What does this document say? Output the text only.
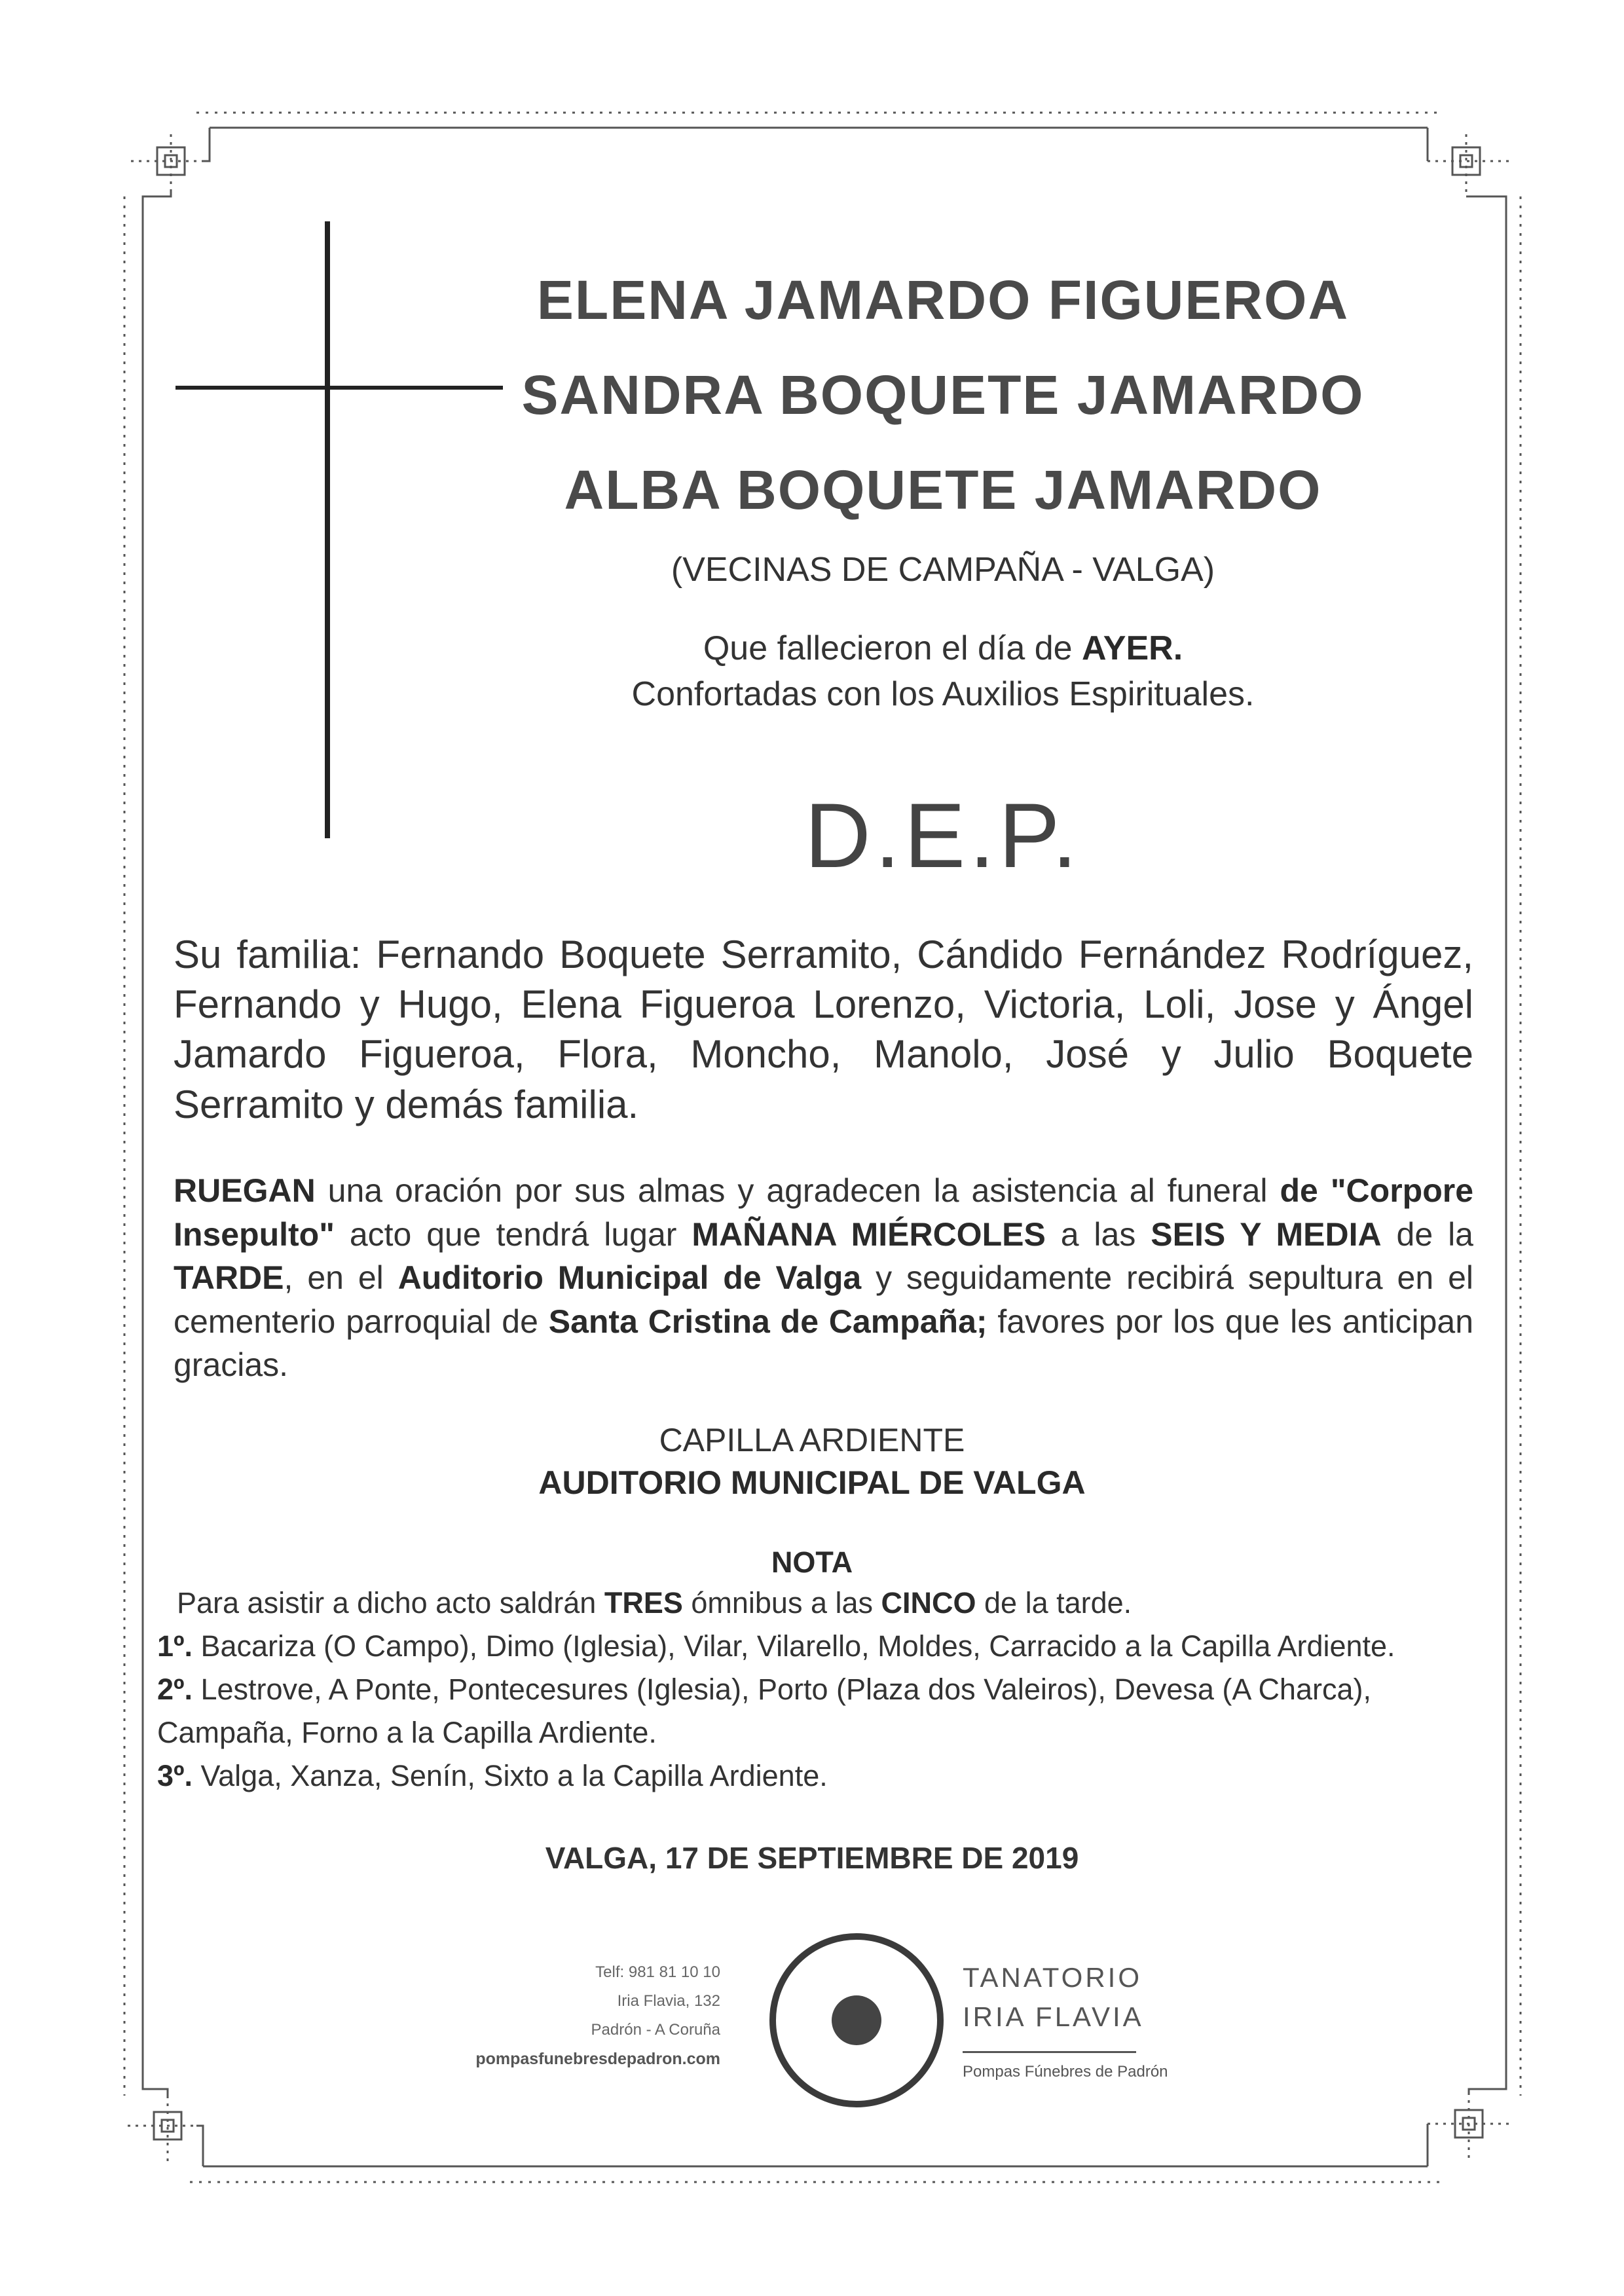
ELENA JAMARDO FIGUEROA
SANDRA BOQUETE JAMARDO
ALBA BOQUETE JAMARDO
(VECINAS DE CAMPAÑA - VALGA)
Que fallecieron el día de AYER.
Confortadas con los Auxilios Espirituales.
D.E.P.
Su familia: Fernando Boquete Serramito, Cándido Fernández Rodríguez, Fernando y Hugo, Elena Figueroa Lorenzo, Victoria, Loli, Jose y Ángel Jamardo Figueroa, Flora, Moncho, Manolo, José y Julio Boquete Serramito y demás familia.
RUEGAN una oración por sus almas y agradecen la asistencia al funeral de "Corpore Insepulto" acto que tendrá lugar MAÑANA MIÉRCOLES a las SEIS Y MEDIA de la TARDE, en el Auditorio Municipal de Valga y seguidamente recibirá sepultura en el cementerio parroquial de Santa Cristina de Campaña; favores por los que les anticipan gracias.
CAPILLA ARDIENTE
AUDITORIO MUNICIPAL DE VALGA
NOTA
Para asistir a dicho acto saldrán TRES ómnibus a las CINCO de la tarde.
1º. Bacariza (O Campo), Dimo (Iglesia), Vilar, Vilarello, Moldes, Carracido a la Capilla Ardiente.
2º. Lestrove, A Ponte, Pontecesures (Iglesia), Porto (Plaza dos Valeiros), Devesa (A Charca),
Campaña, Forno a la Capilla Ardiente.
3º. Valga, Xanza, Senín, Sixto a la Capilla Ardiente.
VALGA, 17 DE SEPTIEMBRE DE 2019
Telf: 981 81 10 10
Iria Flavia, 132
Padrón - A Coruña
pompasfunebresdepadron.com
TANATORIO
IRIA FLAVIA
Pompas Fúnebres de Padrón
